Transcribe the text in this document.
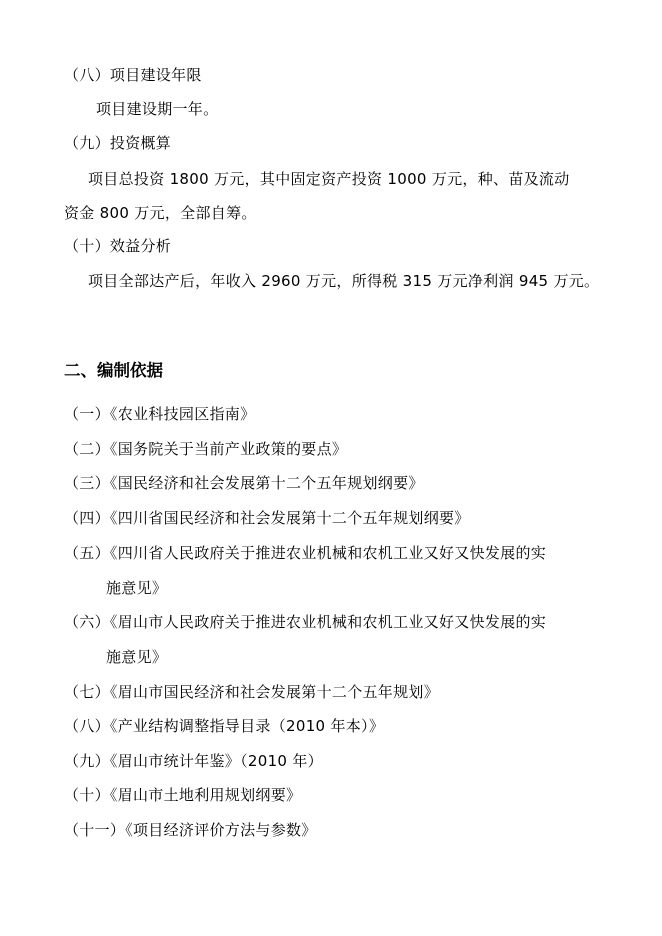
（八）项目建设年限
项目建设期一年。
（九）投资概算
项目总投资 1800 万元，其中固定资产投资 1000 万元，种、苗及流动
资金 800 万元，全部自筹。
（十）效益分析
项目全部达产后，年收入 2960 万元，所得税 315 万元净利润 945 万元。
二、编制依据
（一）《农业科技园区指南》
（二）《国务院关于当前产业政策的要点》
（三）《国民经济和社会发展第十二个五年规划纲要》
（四）《四川省国民经济和社会发展第十二个五年规划纲要》
（五）《四川省人民政府关于推进农业机械和农机工业又好又快发展的实
施意见》
（六）《眉山市人民政府关于推进农业机械和农机工业又好又快发展的实
施意见》
（七）《眉山市国民经济和社会发展第十二个五年规划》
（八）《产业结构调整指导目录（2010 年本）》
（九）《眉山市统计年鉴》（2010 年）
（十）《眉山市土地利用规划纲要》
（十一）《项目经济评价方法与参数》
